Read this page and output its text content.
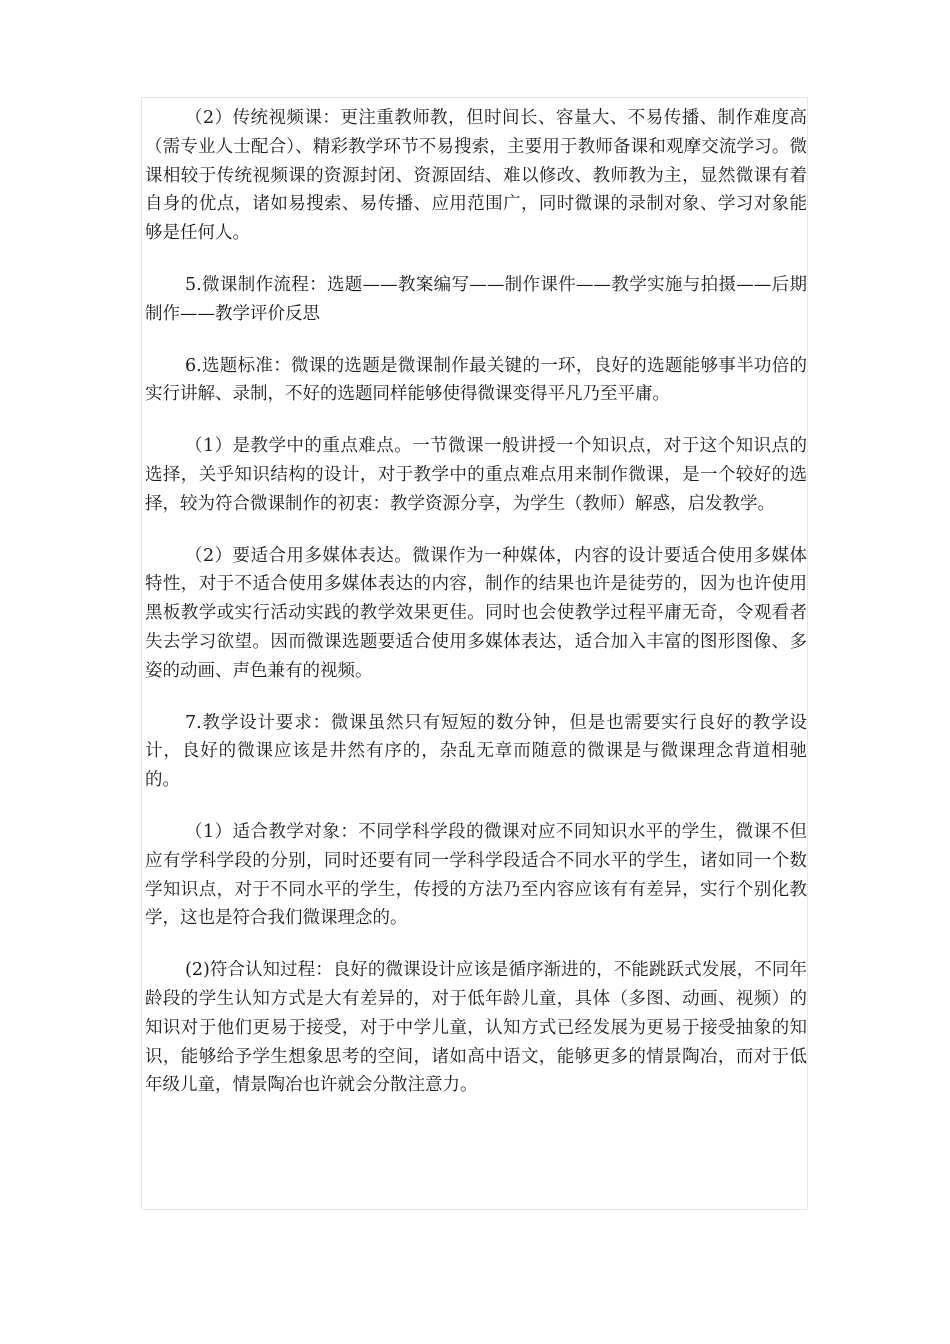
（2）传统视频课：更注重教师教，但时间长、容量大、不易传播、制作难度高（需专业人士配合）、精彩教学环节不易搜索，主要用于教师备课和观摩交流学习。微课相较于传统视频课的资源封闭、资源固结、难以修改、教师教为主，显然微课有着自身的优点，诸如易搜索、易传播、应用范围广，同时微课的录制对象、学习对象能够是任何人。

5.微课制作流程：选题——教案编写——制作课件——教学实施与拍摄——后期制作——教学评价反思

6.选题标准：微课的选题是微课制作最关键的一环，良好的选题能够事半功倍的实行讲解、录制，不好的选题同样能够使得微课变得平凡乃至平庸。

（1）是教学中的重点难点。一节微课一般讲授一个知识点，对于这个知识点的选择，关乎知识结构的设计，对于教学中的重点难点用来制作微课，是一个较好的选择，较为符合微课制作的初衷：教学资源分享，为学生（教师）解惑，启发教学。

（2）要适合用多媒体表达。微课作为一种媒体，内容的设计要适合使用多媒体特性，对于不适合使用多媒体表达的内容，制作的结果也许是徒劳的，因为也许使用黑板教学或实行活动实践的教学效果更佳。同时也会使教学过程平庸无奇，令观看者失去学习欲望。因而微课选题要适合使用多媒体表达，适合加入丰富的图形图像、多姿的动画、声色兼有的视频。

7.教学设计要求：微课虽然只有短短的数分钟，但是也需要实行良好的教学设计，良好的微课应该是井然有序的，杂乱无章而随意的微课是与微课理念背道相驰的。

（1）适合教学对象：不同学科学段的微课对应不同知识水平的学生，微课不但应有学科学段的分别，同时还要有同一学科学段适合不同水平的学生，诸如同一个数学知识点，对于不同水平的学生，传授的方法乃至内容应该有有差异，实行个别化教学，这也是符合我们微课理念的。

(2)符合认知过程：良好的微课设计应该是循序渐进的，不能跳跃式发展，不同年龄段的学生认知方式是大有差异的，对于低年龄儿童，具体（多图、动画、视频）的知识对于他们更易于接受，对于中学儿童，认知方式已经发展为更易于接受抽象的知识，能够给予学生想象思考的空间，诸如高中语文，能够更多的情景陶冶，而对于低年级儿童，情景陶冶也许就会分散注意力。
